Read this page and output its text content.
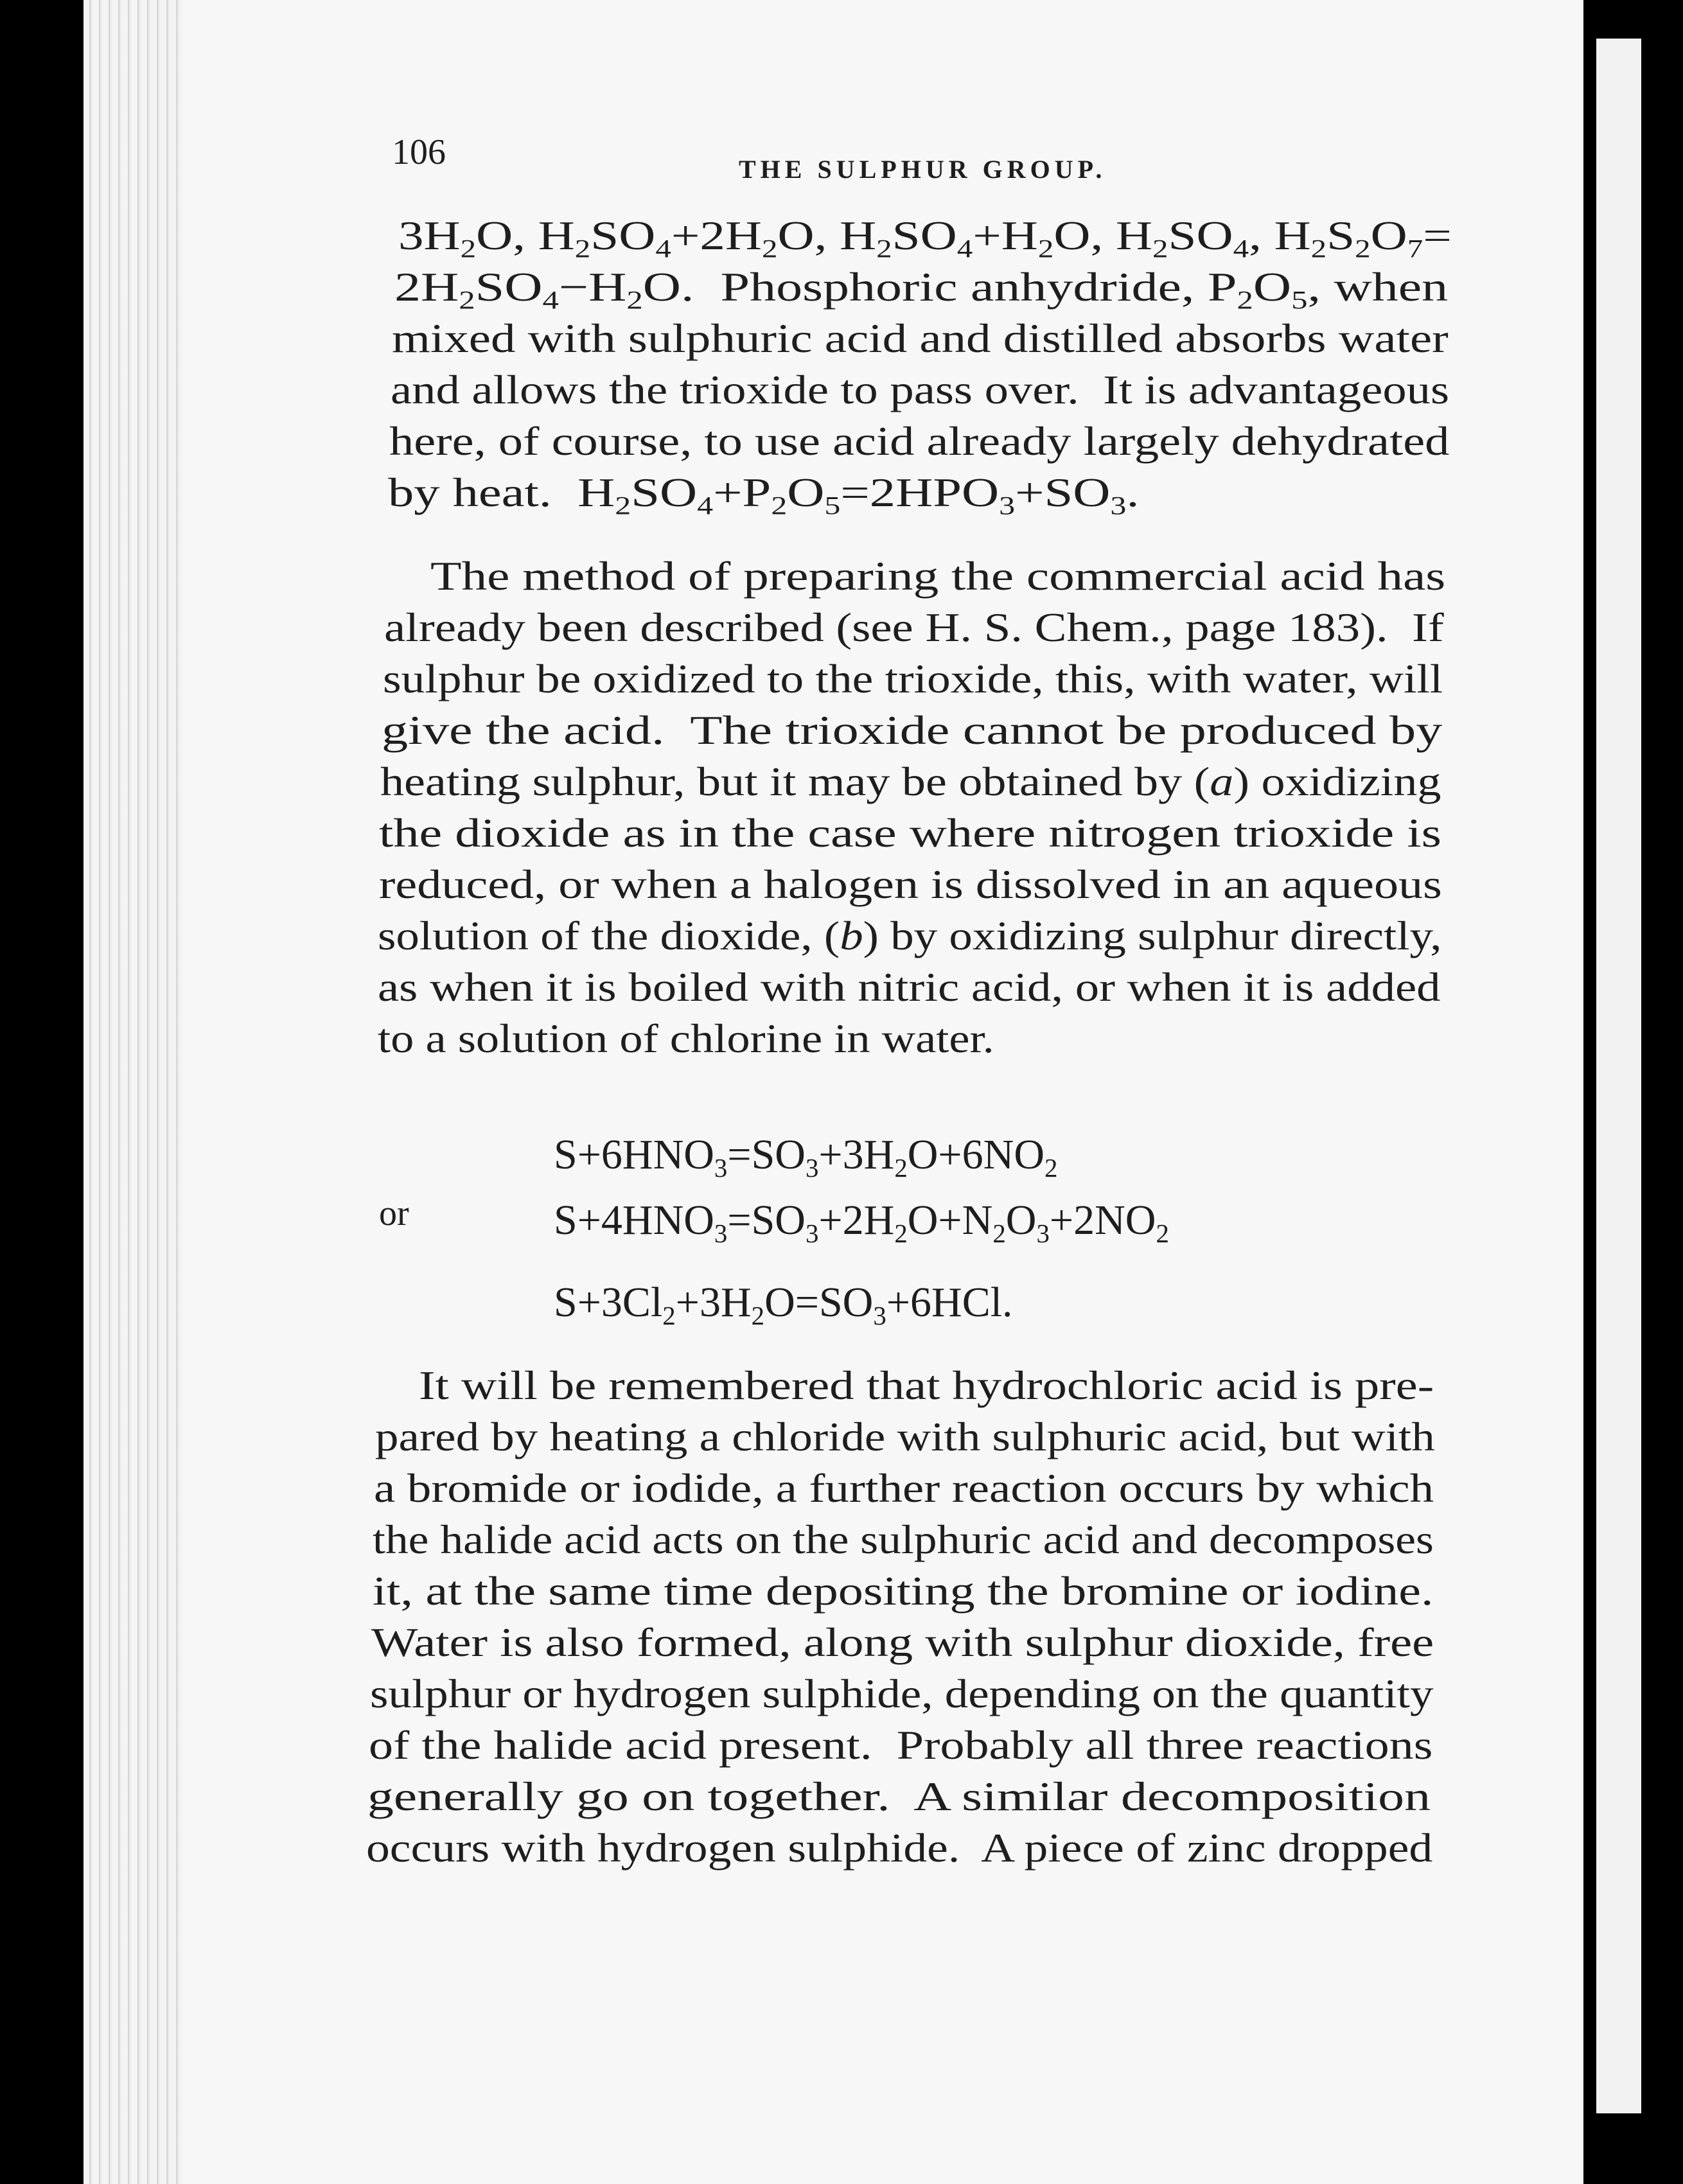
106	THE SULPHUR GROUP.

$3H_2O$, $H_2SO_4+2H_2O$, $H_2SO_4+H_2O$, $H_2SO_4$, $H_2S_2O_7=$

$2H_2SO_4-H_2O$.  Phosphoric anhydride, $P_2O_5$, when

mixed with sulphuric acid and distilled absorbs water

and allows the trioxide to pass over.  It is advantageous

here, of course, to use acid already largely dehydrated

by heat.  $H_2SO_4+P_2O_5=2HPO_3+SO_3$.

The method of preparing the commercial acid has

already been described (see H. S. Chem., page 183).  If

sulphur be oxidized to the trioxide, this, with water, will

give the acid.  The trioxide cannot be produced by

heating sulphur, but it may be obtained by (a) oxidizing

the dioxide as in the case where nitrogen trioxide is

reduced, or when a halogen is dissolved in an aqueous

solution of the dioxide, (b) by oxidizing sulphur directly,

as when it is boiled with nitric acid, or when it is added

to a solution of chlorine in water.

or
$S+6HNO_3=SO_3+3H_2O+6NO_2$
$S+4HNO_3=SO_3+2H_2O+N_2O_3+2NO_2$
$S+3Cl_2+3H_2O=SO_3+6HCl$.

It will be remembered that hydrochloric acid is pre-

pared by heating a chloride with sulphuric acid, but with

a bromide or iodide, a further reaction occurs by which

the halide acid acts on the sulphuric acid and decomposes

it, at the same time depositing the bromine or iodine.

Water is also formed, along with sulphur dioxide, free

sulphur or hydrogen sulphide, depending on the quantity

of the halide acid present.  Probably all three reactions

generally go on together.  A similar decomposition

occurs with hydrogen sulphide.  A piece of zinc dropped
